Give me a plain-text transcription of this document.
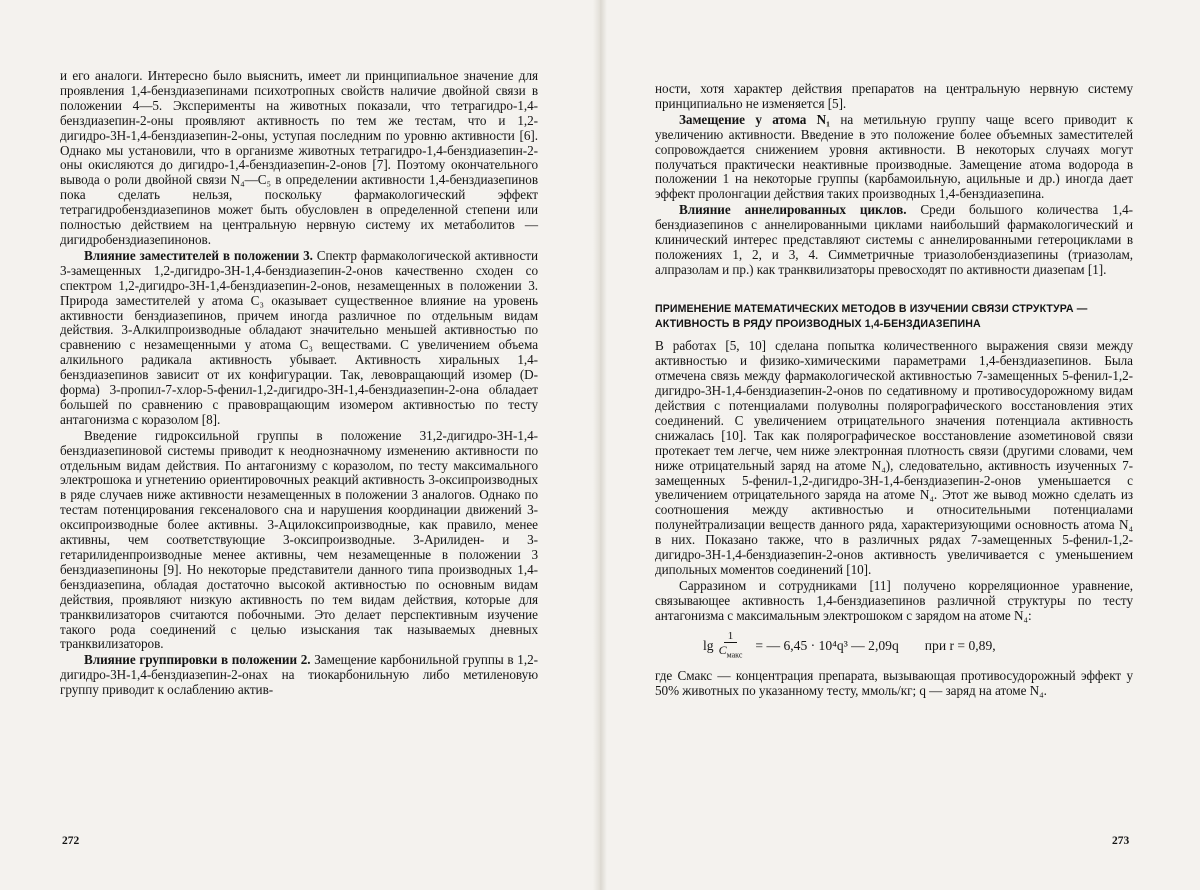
и его аналоги. Интересно было выяснить, имеет ли принципиальное значение для проявления 1,4-бенздиазепинами психотропных свойств наличие двойной связи в положении 4—5. Эксперименты на животных показали, что тетрагидро-1,4-бенздиазепин-2-оны проявляют активность по тем же тестам, что и 1,2-дигидро-3Н-1,4-бенздиазепин-2-оны, уступая последним по уровню активности [6]. Однако мы установили, что в организме животных тетрагидро-1,4-бенздиазепин-2-оны окисляются до дигидро-1,4-бенздиазепин-2-онов [7]. Поэтому окончательного вывода о роли двойной связи N₄—C₅ в определении активности 1,4-бенздиазепинов пока сделать нельзя, поскольку фармакологический эффект тетрагидробенздиазепинов может быть обусловлен в определенной степени или полностью действием на центральную нервную систему их метаболитов — дигидробенздиазепинонов.

Влияние заместителей в положении 3. Спектр фармакологической активности 3-замещенных 1,2-дигидро-3Н-1,4-бенздиазепин-2-онов качественно сходен со спектром 1,2-дигидро-3Н-1,4-бенздиазепин-2-онов, незамещенных в положении 3. Природа заместителей у атома С₃ оказывает существенное влияние на уровень активности бенздиазепинов, причем иногда различное по отдельным видам действия. 3-Алкилпроизводные обладают значительно меньшей активностью по сравнению с незамещенными у атома С₃ веществами. С увеличением объема алкильного радикала активность убывает. Активность хиральных 1,4-бенздиазепинов зависит от их конфигурации. Так, левовращающий изомер (D-форма) 3-пропил-7-хлор-5-фенил-1,2-дигидро-3Н-1,4-бенздиазепин-2-она обладает большей по сравнению с правовращающим изомером активностью по тесту антагонизма с коразолом [8].

Введение гидроксильной группы в положение 31,2-дигидро-3Н-1,4-бенздиазепиновой системы приводит к неоднозначному изменению активности по отдельным видам действия. По антагонизму с коразолом, по тесту максимального электрошока и угнетению ориентировочных реакций активность 3-оксипроизводных в ряде случаев ниже активности незамещенных в положении 3 аналогов. Однако по тестам потенцирования гексеналового сна и нарушения координации движений 3-оксипроизводные более активны. 3-Ацилоксипроизводные, как правило, менее активны, чем соответствующие 3-оксипроизводные. 3-Арилиден- и 3-гетарилиденпроизводные менее активны, чем незамещенные в положении 3 бенздиазепиноны [9]. Но некоторые представители данного типа производных 1,4-бенздиазепина, обладая достаточно высокой активностью по основным видам действия, проявляют низкую активность по тем видам действия, которые для транквилизаторов считаются побочными. Это делает перспективным изучение такого рода соединений с целью изыскания так называемых дневных транквилизаторов.

Влияние группировки в положении 2. Замещение карбонильной группы в 1,2-дигидро-3Н-1,4-бенздиазепин-2-онах на тиокарбонильную либо метиленовую группу приводит к ослаблению актив-

272

ности, хотя характер действия препаратов на центральную нервную систему принципиально не изменяется [5].

Замещение у атома N₁ на метильную группу чаще всего приводит к увеличению активности. Введение в это положение более объемных заместителей сопровождается снижением уровня активности. В некоторых случаях могут получаться практически неактивные производные. Замещение атома водорода в положении 1 на некоторые группы (карбамоильную, ацильные и др.) иногда дает эффект пролонгации действия таких производных 1,4-бенздиазепина.

Влияние аннелированных циклов. Среди большого количества 1,4-бенздиазепинов с аннелированными циклами наибольший фармакологический и клинический интерес представляют системы с аннелированными гетероциклами в положениях 1, 2, и 3, 4. Симметричные триазолобенздиазепины (триазолам, алпразолам и пр.) как транквилизаторы превосходят по активности диазепам [1].

ПРИМЕНЕНИЕ МАТЕМАТИЧЕСКИХ МЕТОДОВ В ИЗУЧЕНИИ СВЯЗИ СТРУКТУРА — АКТИВНОСТЬ В РЯДУ ПРОИЗВОДНЫХ 1,4-БЕНЗДИАЗЕПИНА

В работах [5, 10] сделана попытка количественного выражения связи между активностью и физико-химическими параметрами 1,4-бенздиазепинов. Была отмечена связь между фармакологической активностью 7-замещенных 5-фенил-1,2-дигидро-3Н-1,4-бенздиазепин-2-онов по седативному и противосудорожному видам действия с потенциалами полуволны полярографического восстановления этих соединений. С увеличением отрицательного значения потенциала активность снижалась [10]. Так как полярографическое восстановление азометиновой связи протекает тем легче, чем ниже электронная плотность связи (другими словами, чем ниже отрицательный заряд на атоме N₄), следовательно, активность изученных 7-замещенных 5-фенил-1,2-дигидро-3Н-1,4-бенздиазепин-2-онов уменьшается с увеличением отрицательного заряда на атоме N₄. Этот же вывод можно сделать из соотношения между активностью и относительными потенциалами полунейтрализации веществ данного ряда, характеризующими основность атома N₄ в них. Показано также, что в различных рядах 7-замещенных 5-фенил-1,2-дигидро-3Н-1,4-бенздиазепин-2-онов активность увеличивается с уменьшением дипольных моментов соединений [10].

Сарразином и сотрудниками [11] получено корреляционное уравнение, связывающее активность 1,4-бенздиазепинов различной структуры по тесту антагонизма с максимальным электрошоком с зарядом на атоме N₄:

$\lg \frac{1}{C_{макс}}$ = — 6,45 · 10⁴q³ — 2,09q при r = 0,89,

где Cмакс — концентрация препарата, вызывающая противосудорожный эффект у 50% животных по указанному тесту, ммоль/кг; q — заряд на атоме N₄.

273
